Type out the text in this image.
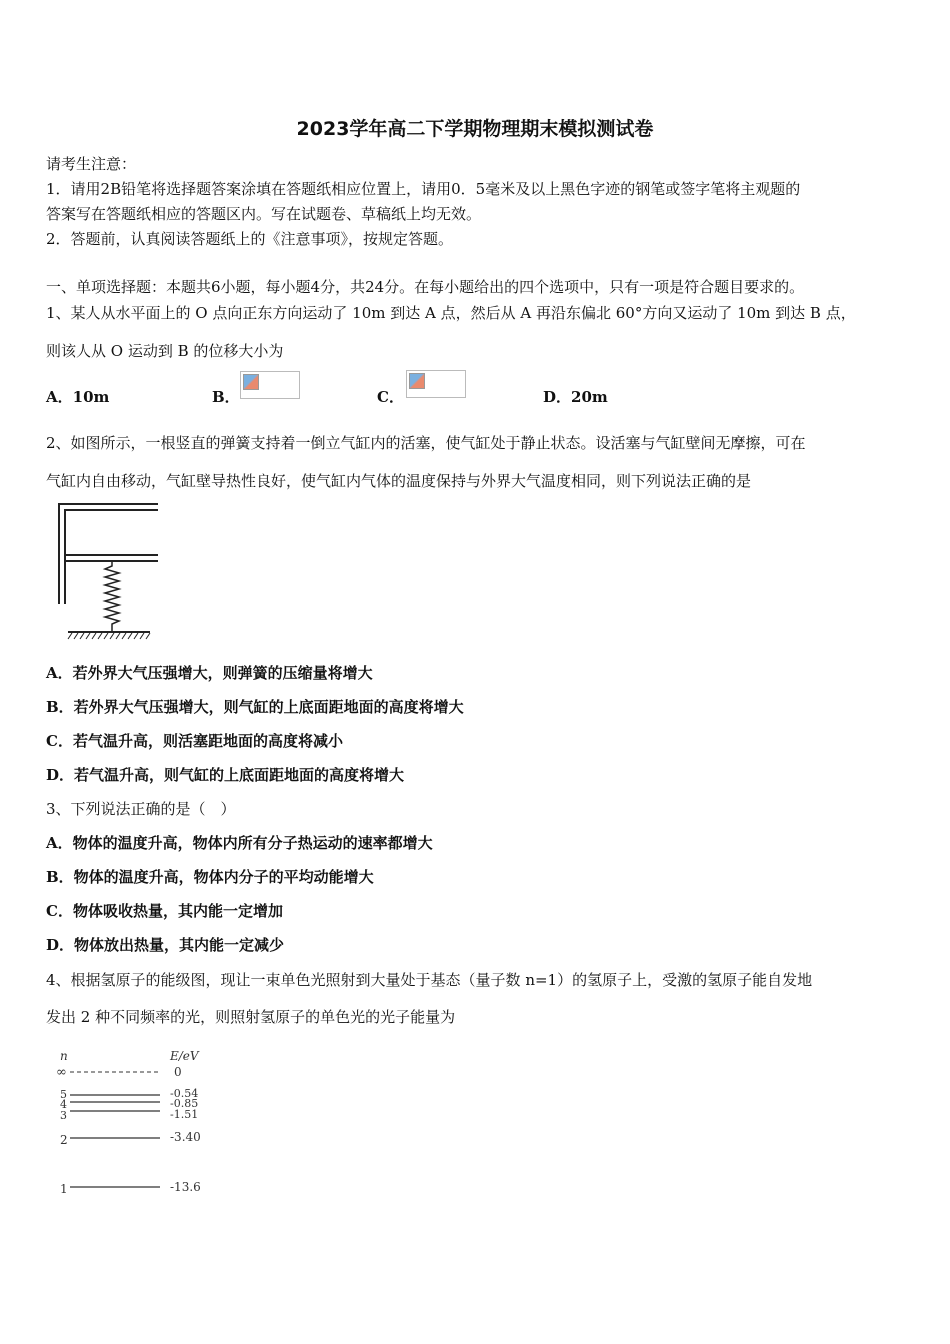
2023学年高二下学期物理期末模拟测试卷
请考生注意：
1．请用2B铅笔将选择题答案涂填在答题纸相应位置上，请用0．5毫米及以上黑色字迹的钢笔或签字笔将主观题的
答案写在答题纸相应的答题区内。写在试题卷、草稿纸上均无效。
2．答题前，认真阅读答题纸上的《注意事项》，按规定答题。
一、单项选择题：本题共6小题，每小题4分，共24分。在每小题给出的四个选项中，只有一项是符合题目要求的。
1、某人从水平面上的 O 点向正东方向运动了 10m 到达 A 点，然后从 A 再沿东偏北 60°方向又运动了 10m 到达 B 点，
则该人从 O 运动到 B 的位移大小为
A．10m	B．	C．	D．20m
2、如图所示，一根竖直的弹簧支持着一倒立气缸内的活塞，使气缸处于静止状态。设活塞与气缸壁间无摩擦，可在
气缸内自由移动，气缸壁导热性良好，使气缸内气体的温度保持与外界大气温度相同，则下列说法正确的是
A．若外界大气压强增大，则弹簧的压缩量将增大
B．若外界大气压强增大，则气缸的上底面距地面的高度将增大
C．若气温升高，则活塞距地面的高度将减小
D．若气温升高，则气缸的上底面距地面的高度将增大
3、下列说法正确的是（　）
A．物体的温度升高，物体内所有分子热运动的速率都增大
B．物体的温度升高，物体内分子的平均动能增大
C．物体吸收热量，其内能一定增加
D．物体放出热量，其内能一定减少
4、根据氢原子的能级图，现让一束单色光照射到大量处于基态（量子数 n=1）的氢原子上，受激的氢原子能自发地
发出 2 种不同频率的光，则照射氢原子的单色光的光子能量为
n	E/eV
∞	0
5	-0.54
4	-0.85
3	-1.51
2	-3.40
1	-13.6
